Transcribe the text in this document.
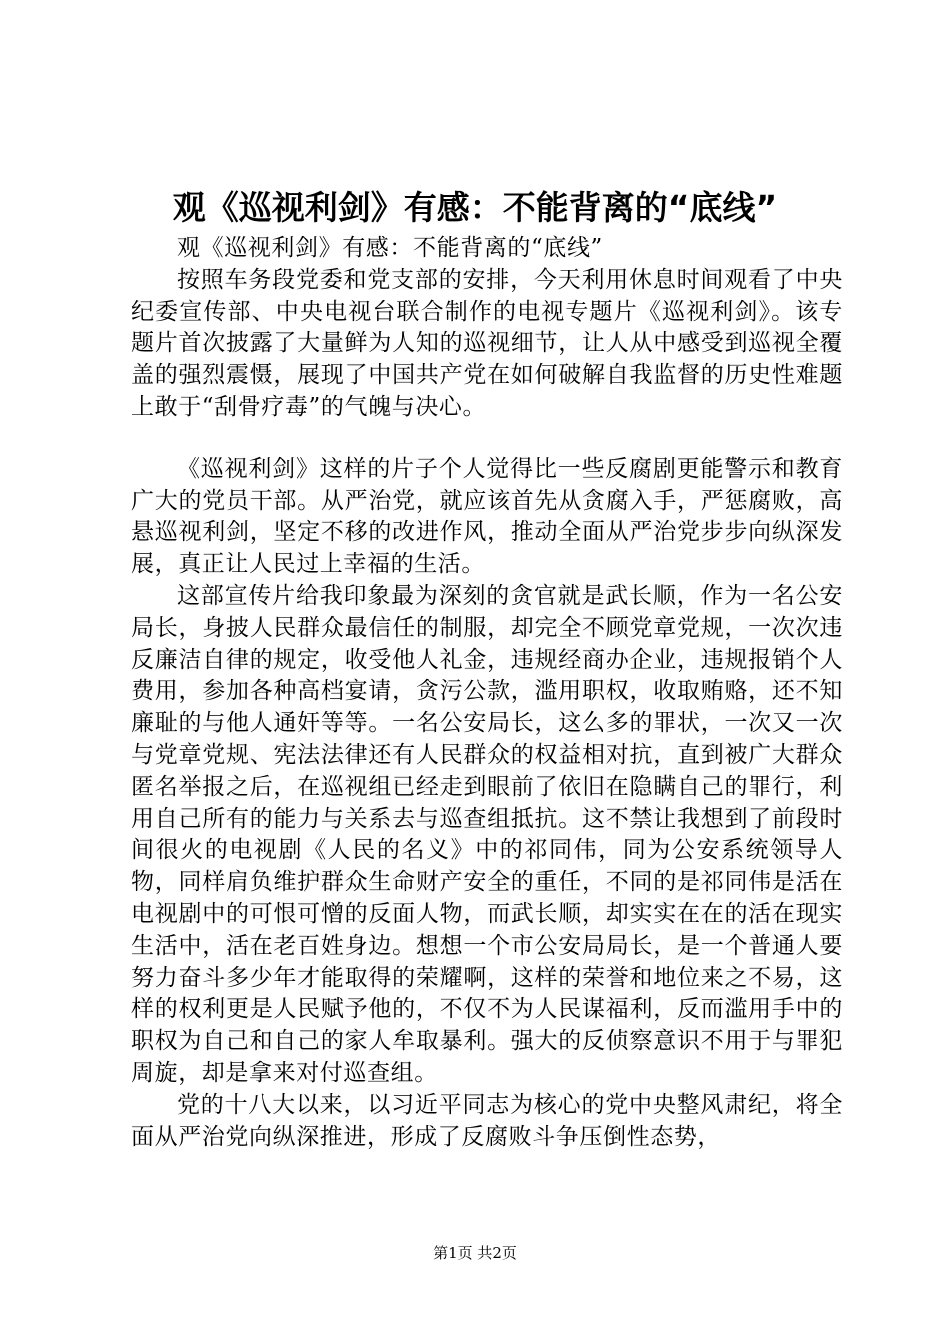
观《巡视利剑》有感：不能背离的“底线”

观《巡视利剑》有感：不能背离的“底线”

按照车务段党委和党支部的安排，今天利用休息时间观看了中央纪委宣传部、中央电视台联合制作的电视专题片《巡视利剑》。该专题片首次披露了大量鲜为人知的巡视细节，让人从中感受到巡视全覆盖的强烈震慑，展现了中国共产党在如何破解自我监督的历史性难题上敢于“刮骨疗毒”的气魄与决心。

《巡视利剑》这样的片子个人觉得比一些反腐剧更能警示和教育广大的党员干部。从严治党，就应该首先从贪腐入手，严惩腐败，高悬巡视利剑，坚定不移的改进作风，推动全面从严治党步步向纵深发展，真正让人民过上幸福的生活。

这部宣传片给我印象最为深刻的贪官就是武长顺，作为一名公安局长，身披人民群众最信任的制服，却完全不顾党章党规，一次次违反廉洁自律的规定，收受他人礼金，违规经商办企业，违规报销个人费用，参加各种高档宴请，贪污公款，滥用职权，收取贿赂，还不知廉耻的与他人通奸等等。一名公安局长，这么多的罪状，一次又一次与党章党规、宪法法律还有人民群众的权益相对抗，直到被广大群众匿名举报之后，在巡视组已经走到眼前了依旧在隐瞒自己的罪行，利用自己所有的能力与关系去与巡查组抵抗。这不禁让我想到了前段时间很火的电视剧《人民的名义》中的祁同伟，同为公安系统领导人物，同样肩负维护群众生命财产安全的重任，不同的是祁同伟是活在电视剧中的可恨可憎的反面人物，而武长顺，却实实在在的活在现实生活中，活在老百姓身边。想想一个市公安局局长，是一个普通人要努力奋斗多少年才能取得的荣耀啊，这样的荣誉和地位来之不易，这样的权利更是人民赋予他的，不仅不为人民谋福利，反而滥用手中的职权为自己和自己的家人牟取暴利。强大的反侦察意识不用于与罪犯周旋，却是拿来对付巡查组。

党的十八大以来，以习近平同志为核心的党中央整风肃纪，将全面从严治党向纵深推进，形成了反腐败斗争压倒性态势，

第1页 共2页
